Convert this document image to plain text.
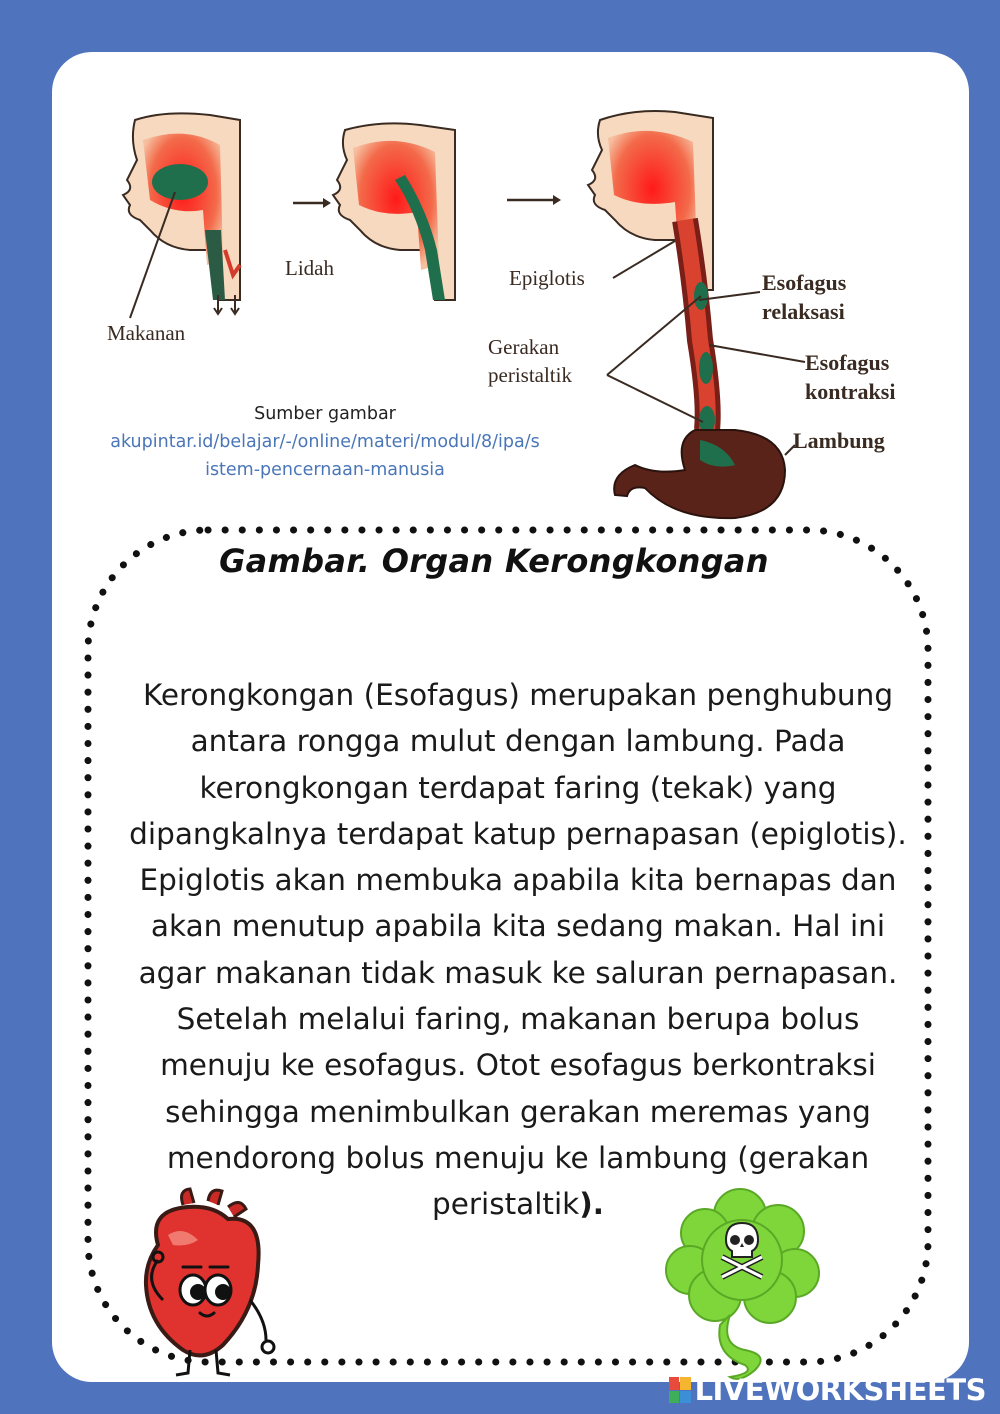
Makanan
Lidah	Epiglotis	Esofagus
relaksasi
Gerakan
peristaltik	Esofagus
kontraksi
Lambung
Sumber gambar
akupintar.id/belajar/-/online/materi/modul/8/ipa/s
istem-pencernaan-manusia
Gambar. Organ Kerongkongan
Kerongkongan (Esofagus) merupakan penghubung
antara rongga mulut dengan lambung. Pada
kerongkongan terdapat faring (tekak) yang
dipangkalnya terdapat katup pernapasan (epiglotis).
Epiglotis akan membuka apabila kita bernapas dan
akan menutup apabila kita sedang makan. Hal ini
agar makanan tidak masuk ke saluran pernapasan.
Setelah melalui faring, makanan berupa bolus
menuju ke esofagus. Otot esofagus berkontraksi
sehingga menimbulkan gerakan meremas yang
mendorong bolus menuju ke lambung (gerakan
peristaltik).
LIVEWORKSHEETS
